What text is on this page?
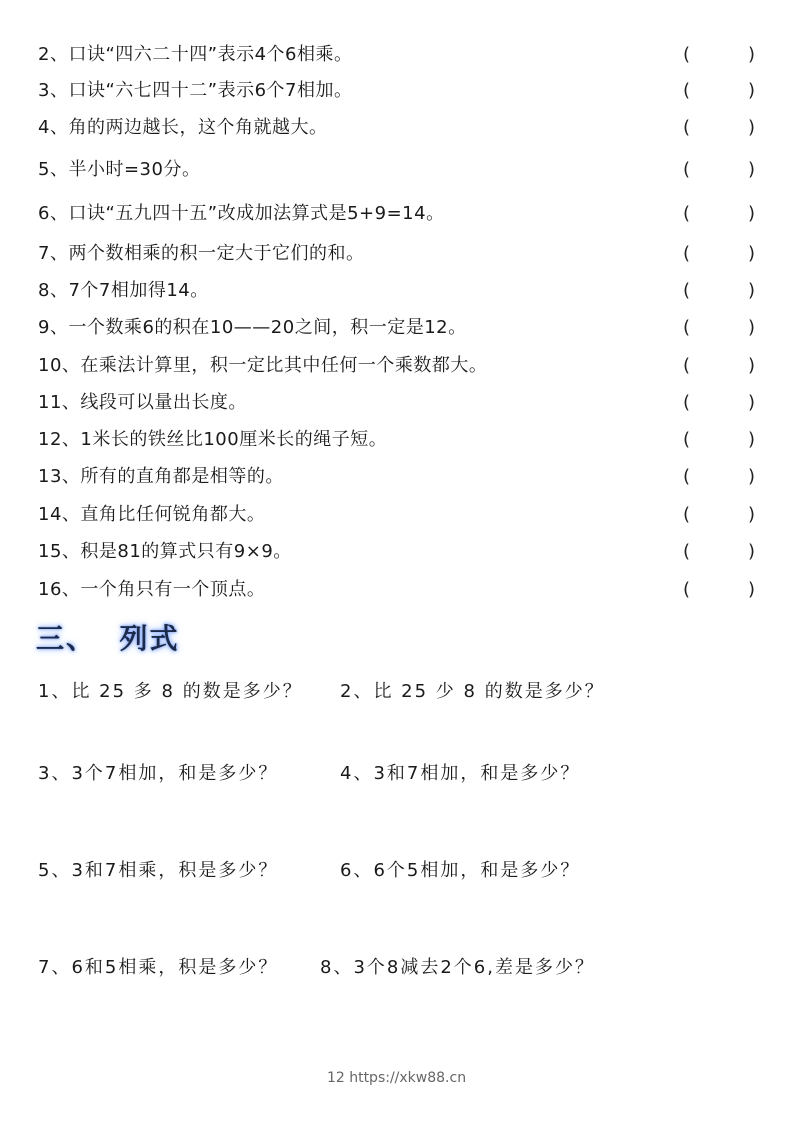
2、口诀“四六二十四”表示4个6相乘。	(	)
3、口诀“六七四十二”表示6个7相加。	(	)
4、角的两边越长，这个角就越大。	(	)
5、半小时=30分。	(	)
6、口诀“五九四十五”改成加法算式是5+9=14。	(	)
7、两个数相乘的积一定大于它们的和。	(	)
8、7个7相加得14。	(	)
9、一个数乘6的积在10——20之间，积一定是12。	(	)
10、在乘法计算里，积一定比其中任何一个乘数都大。	(	)
11、线段可以量出长度。	(	)
12、1米长的铁丝比100厘米长的绳子短。	(	)
13、所有的直角都是相等的。	(	)
14、直角比任何锐角都大。	(	)
15、积是81的算式只有9×9。	(	)
16、一个角只有一个顶点。	(	)
三、  列式
1、比 25 多 8 的数是多少？ 2、比 25 少 8 的数是多少？
3、3个7相加，和是多少？	4、3和7相加，和是多少？
5、3和7相乘，积是多少？	6、6个5相加，和是多少？
7、6和5相乘，积是多少？ 8、3个8减去2个6,差是多少？
12 https://xkw88.cn
